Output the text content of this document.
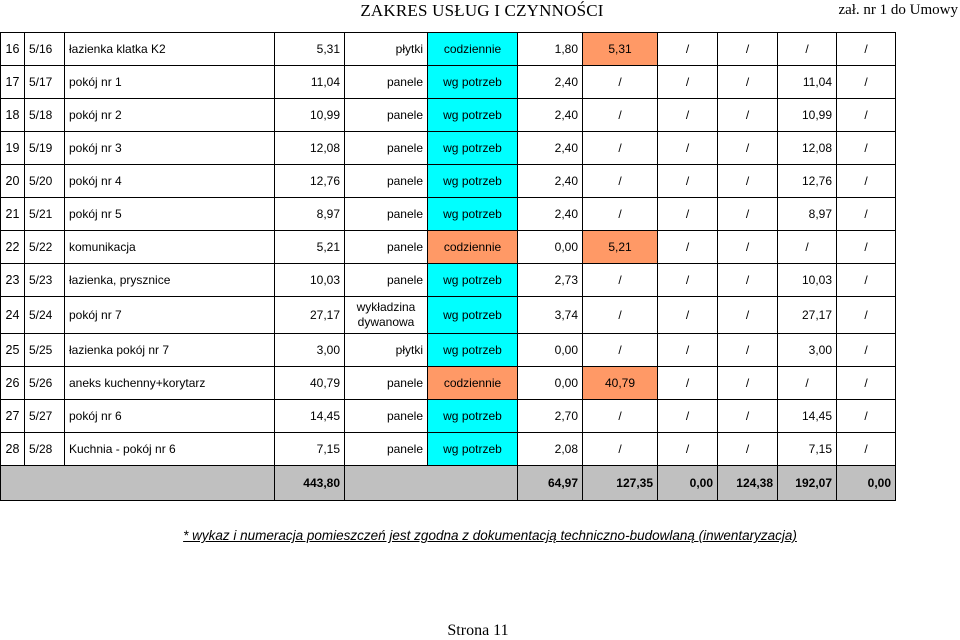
ZAKRES USŁUG I CZYNNOŚCI	zał. nr 1 do Umowy
16	5/16	łazienka klatka K2	5,31	płytki	codziennie	1,80	5,31	/	/	/	/
17	5/17	pokój nr 1	11,04	panele	wg potrzeb	2,40	/	/	/	11,04	/
18	5/18	pokój nr 2	10,99	panele	wg potrzeb	2,40	/	/	/	10,99	/
19	5/19	pokój nr 3	12,08	panele	wg potrzeb	2,40	/	/	/	12,08	/
20	5/20	pokój nr 4	12,76	panele	wg potrzeb	2,40	/	/	/	12,76	/
21	5/21	pokój nr 5	8,97	panele	wg potrzeb	2,40	/	/	/	8,97	/
22	5/22	komunikacja	5,21	panele	codziennie	0,00	5,21	/	/	/	/
23	5/23	łazienka, prysznice	10,03	panele	wg potrzeb	2,73	/	/	/	10,03	/
24	5/24	pokój nr 7	27,17	wykładzina dywanowa	wg potrzeb	3,74	/	/	/	27,17	/
25	5/25	łazienka pokój nr 7	3,00	płytki	wg potrzeb	0,00	/	/	/	3,00	/
26	5/26	aneks kuchenny+korytarz	40,79	panele	codziennie	0,00	40,79	/	/	/	/
27	5/27	pokój nr 6	14,45	panele	wg potrzeb	2,70	/	/	/	14,45	/
28	5/28	Kuchnia - pokój nr 6	7,15	panele	wg potrzeb	2,08	/	/	/	7,15	/
			443,80			64,97	127,35	0,00	124,38	192,07	0,00
* wykaz i numeracja pomieszczeń jest zgodna z dokumentacją techniczno-budowlaną (inwentaryzacja)
Strona 11
